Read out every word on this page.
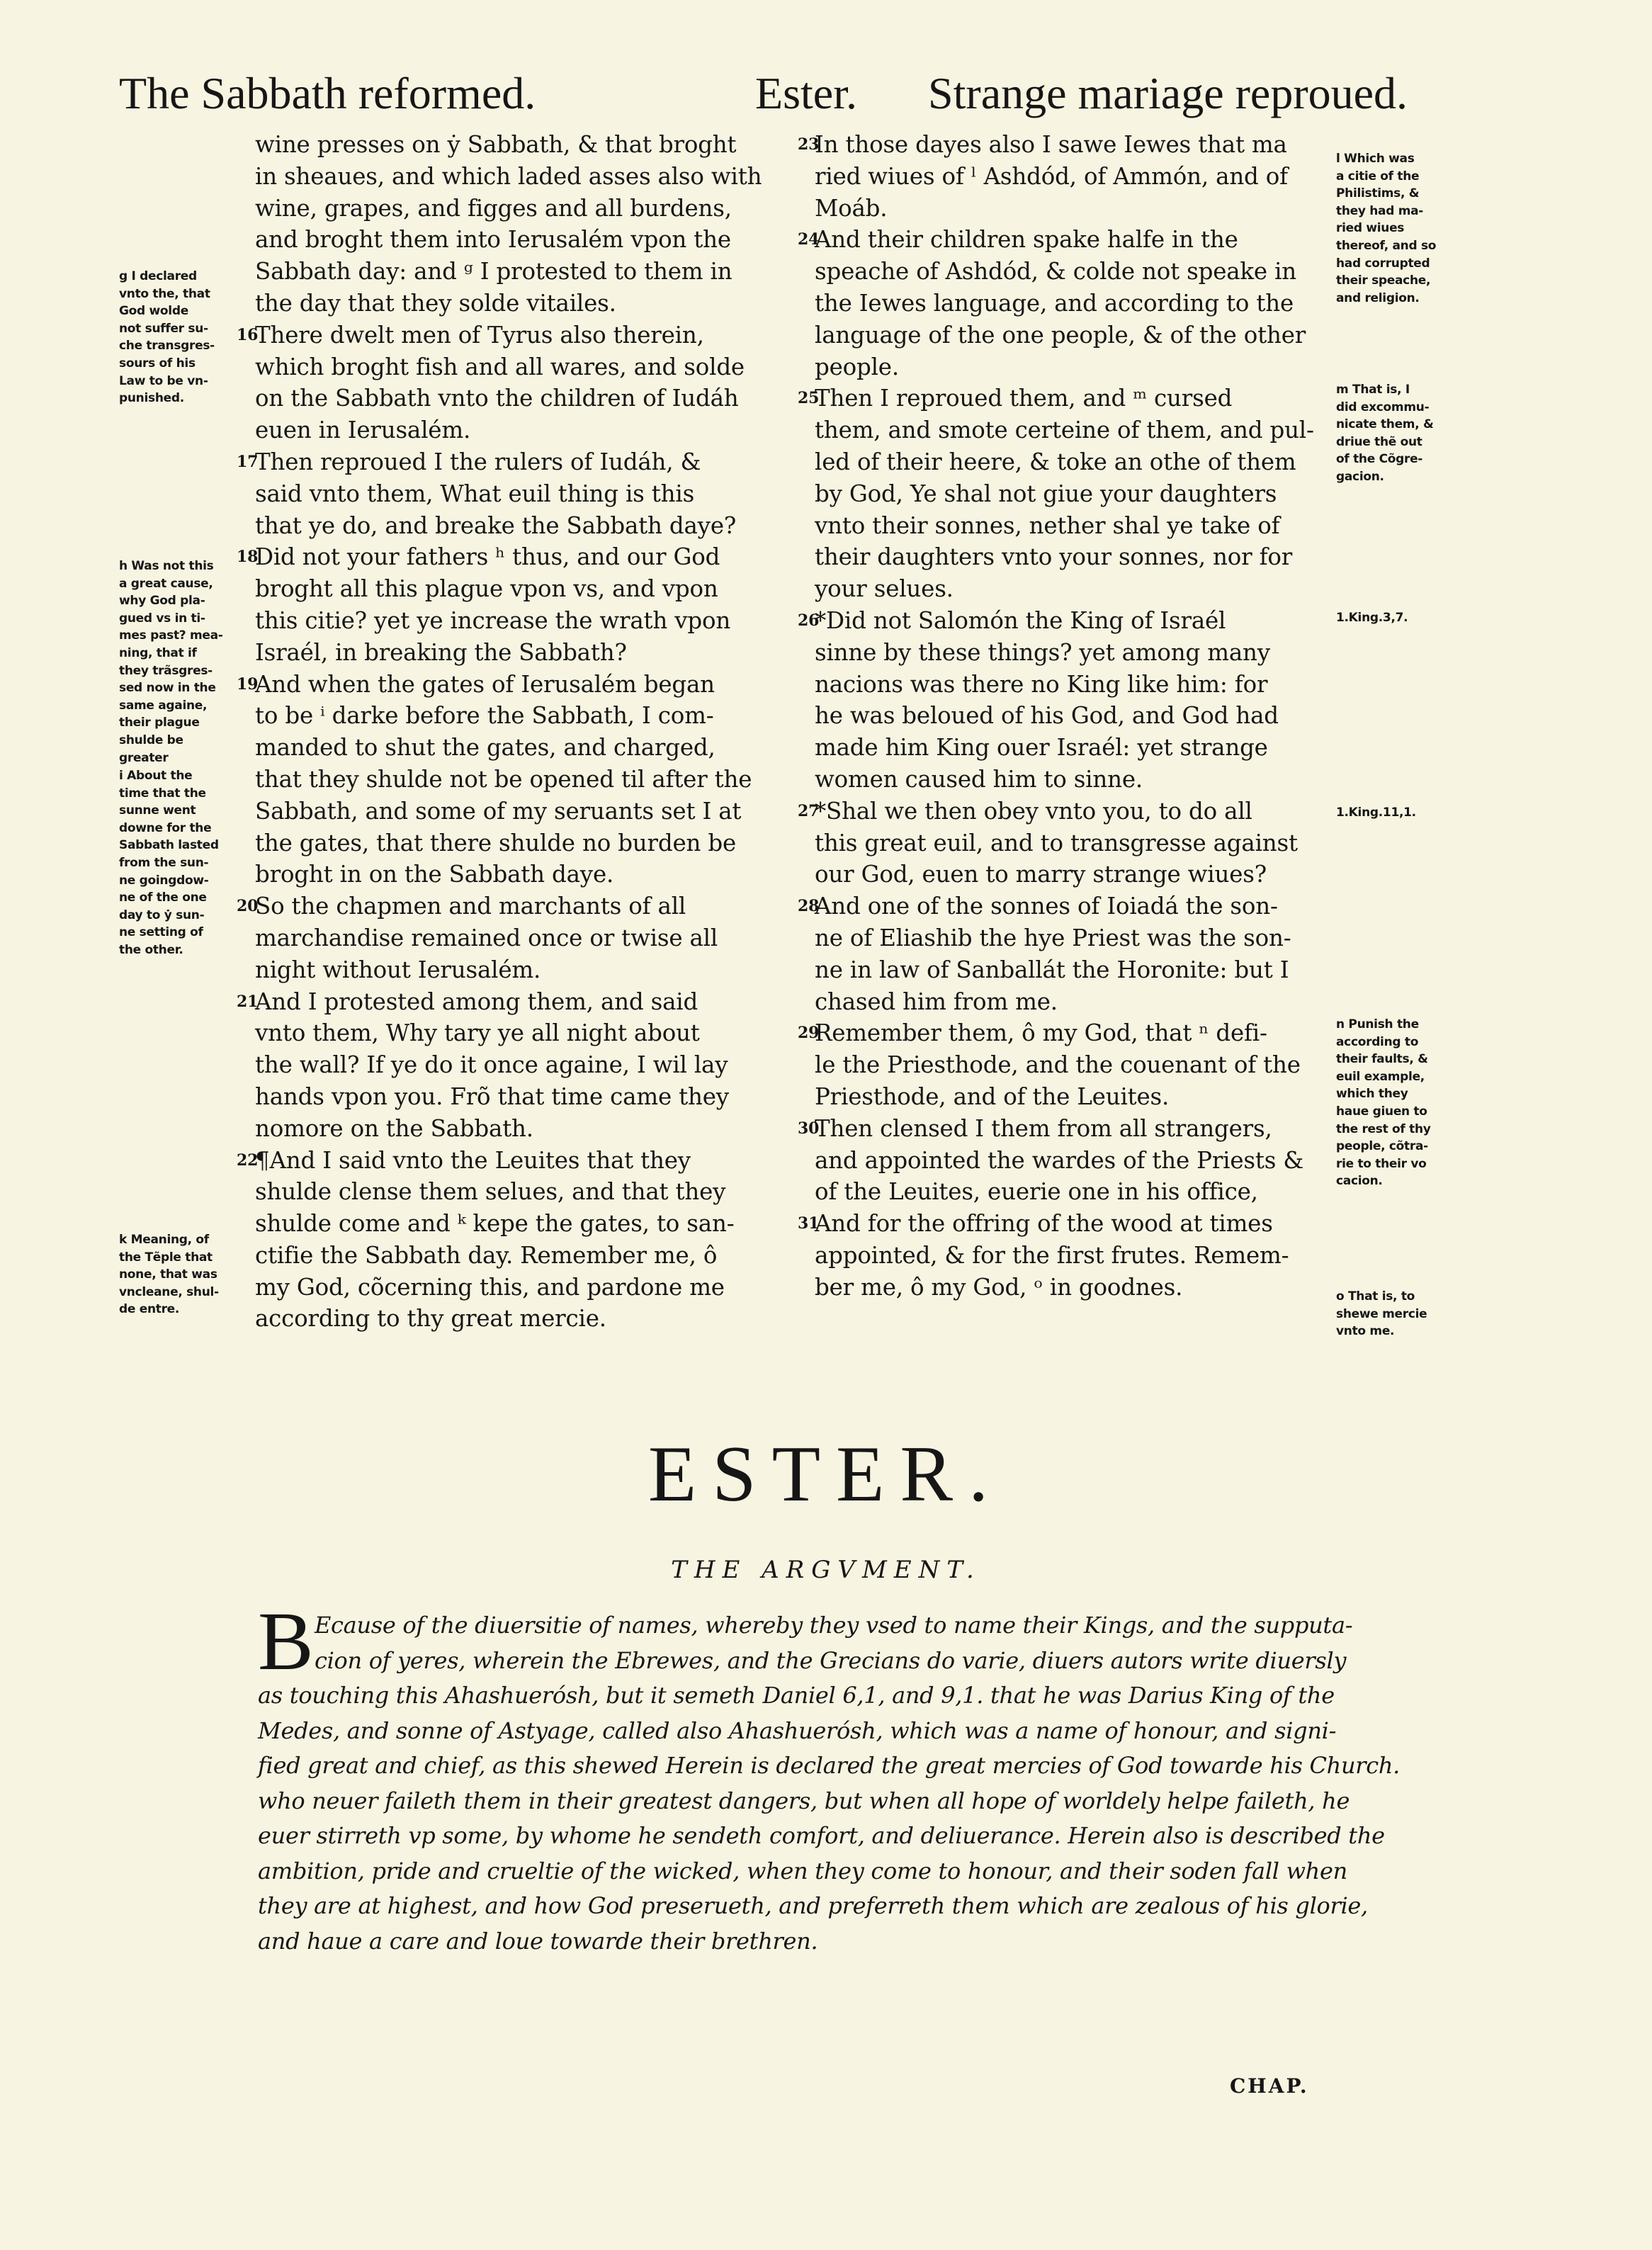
The Sabbath reformed.	Ester. Strange mariage reproued.
g I declared
vnto the, that
God wolde
not suffer su-
che transgres-
sours of his
Law to be vn-
punished.
h Was not this
a great cause,
why God pla-
gued vs in ti-
mes past? mea-
ning, that if
they trãsgres-
sed now in the
same againe,
their plague
shulde be
greater
i About the
time that the
sunne went
downe for the
Sabbath lasted
from the sun-
ne goingdow-
ne of the one
day to ẏ sun-
ne setting of
the other.
k Meaning, of
the Tẽple that
none, that was
vncleane, shul-
de entre.
wine presses on ẏ Sabbath, & that broght
in sheaues, and which laded asses also with
wine, grapes, and figges and all burdens,
and broght them into Ierusalém vpon the
Sabbath day: and ᵍ I protested to them in
the day that they solde vitailes.
16
There dwelt men of Tyrus also therein,
which broght fish and all wares, and solde
on the Sabbath vnto the children of Iudáh
euen in Ierusalém.
17
Then reproued I the rulers of Iudáh, &
said vnto them, What euil thing is this
that ye do, and breake the Sabbath daye?
18
Did not your fathers ʰ thus, and our God
broght all this plague vpon vs, and vpon
this citie? yet ye increase the wrath vpon
Israél, in breaking the Sabbath?
19
And when the gates of Ierusalém began
to be ⁱ darke before the Sabbath, I com-
manded to shut the gates, and charged,
that they shulde not be opened til after the
Sabbath, and some of my seruants set I at
the gates, that there shulde no burden be
broght in on the Sabbath daye.
20
So the chapmen and marchants of all
marchandise remained once or twise all
night without Ierusalém.
21
And I protested among them, and said
vnto them, Why tary ye all night about
the wall? If ye do it once againe, I wil lay
hands vpon you. Frõ that time came they
nomore on the Sabbath.
22
¶And I said vnto the Leuites that they
shulde clense them selues, and that they
shulde come and ᵏ kepe the gates, to san-
ctifie the Sabbath day. Remember me, ô
my God, cõcerning this, and pardone me
according to thy great mercie.
23
In those dayes also I sawe Iewes that ma
ried wiues of ˡ Ashdód, of Ammón, and of
Moáb.
24
And their children spake halfe in the
speache of Ashdód, & colde not speake in
the Iewes language, and according to the
language of the one people, & of the other
people.
25
Then I reproued them, and ᵐ cursed
them, and smote certeine of them, and pul-
led of their heere, & toke an othe of them
by God, Ye shal not giue your daughters
vnto their sonnes, nether shal ye take of
their daughters vnto your sonnes, nor for
your selues.
26
*Did not Salomón the King of Israél
sinne by these things? yet among many
nacions was there no King like him: for
he was beloued of his God, and God had
made him King ouer Israél: yet strange
women caused him to sinne.
27
*Shal we then obey vnto you, to do all
this great euil, and to transgresse against
our God, euen to marry strange wiues?
28
And one of the sonnes of Ioiadá the son-
ne of Eliashib the hye Priest was the son-
ne in law of Sanballát the Horonite: but I
chased him from me.
29
Remember them, ô my God, that ⁿ defi-
le the Priesthode, and the couenant of the
Priesthode, and of the Leuites.
30
Then clensed I them from all strangers,
and appointed the wardes of the Priests &
of the Leuites, euerie one in his office,
31
And for the offring of the wood at times
appointed, & for the first frutes. Remem-
ber me, ô my God, ᵒ in goodnes.
l Which was
a citie of the
Philistims, &
they had ma-
ried wiues
thereof, and so
had corrupted
their speache,
and religion.
m That is, I
did excommu-
nicate them, &
driue thẽ out
of the Cõgre-
gacion.
1.King.3,7.
1.King.11,1.
n Punish the
according to
their faults, &
euil example,
which they
haue giuen to
the rest of thy
people, cõtra-
rie to their vo
cacion.
o That is, to
shewe mercie
vnto me.
ESTER.
THE ARGVMENT.
B Ecause of the diuersitie of names, whereby they vsed to name their Kings, and the supputa-
cion of yeres, wherein the Ebrewes, and the Grecians do varie, diuers autors write diuersly
as touching this Ahashuerósh, but it semeth Daniel 6,1, and 9,1. that he was Darius King of the
Medes, and sonne of Astyage, called also Ahashuerósh, which was a name of honour, and signi-
fied great and chief, as this shewed Herein is declared the great mercies of God towarde his Church.
who neuer faileth them in their greatest dangers, but when all hope of worldely helpe faileth, he
euer stirreth vp some, by whome he sendeth comfort, and deliuerance. Herein also is described the
ambition, pride and crueltie of the wicked, when they come to honour, and their soden fall when
they are at highest, and how God preserueth, and preferreth them which are zealous of his glorie,
and haue a care and loue towarde their brethren.
CHAP.
